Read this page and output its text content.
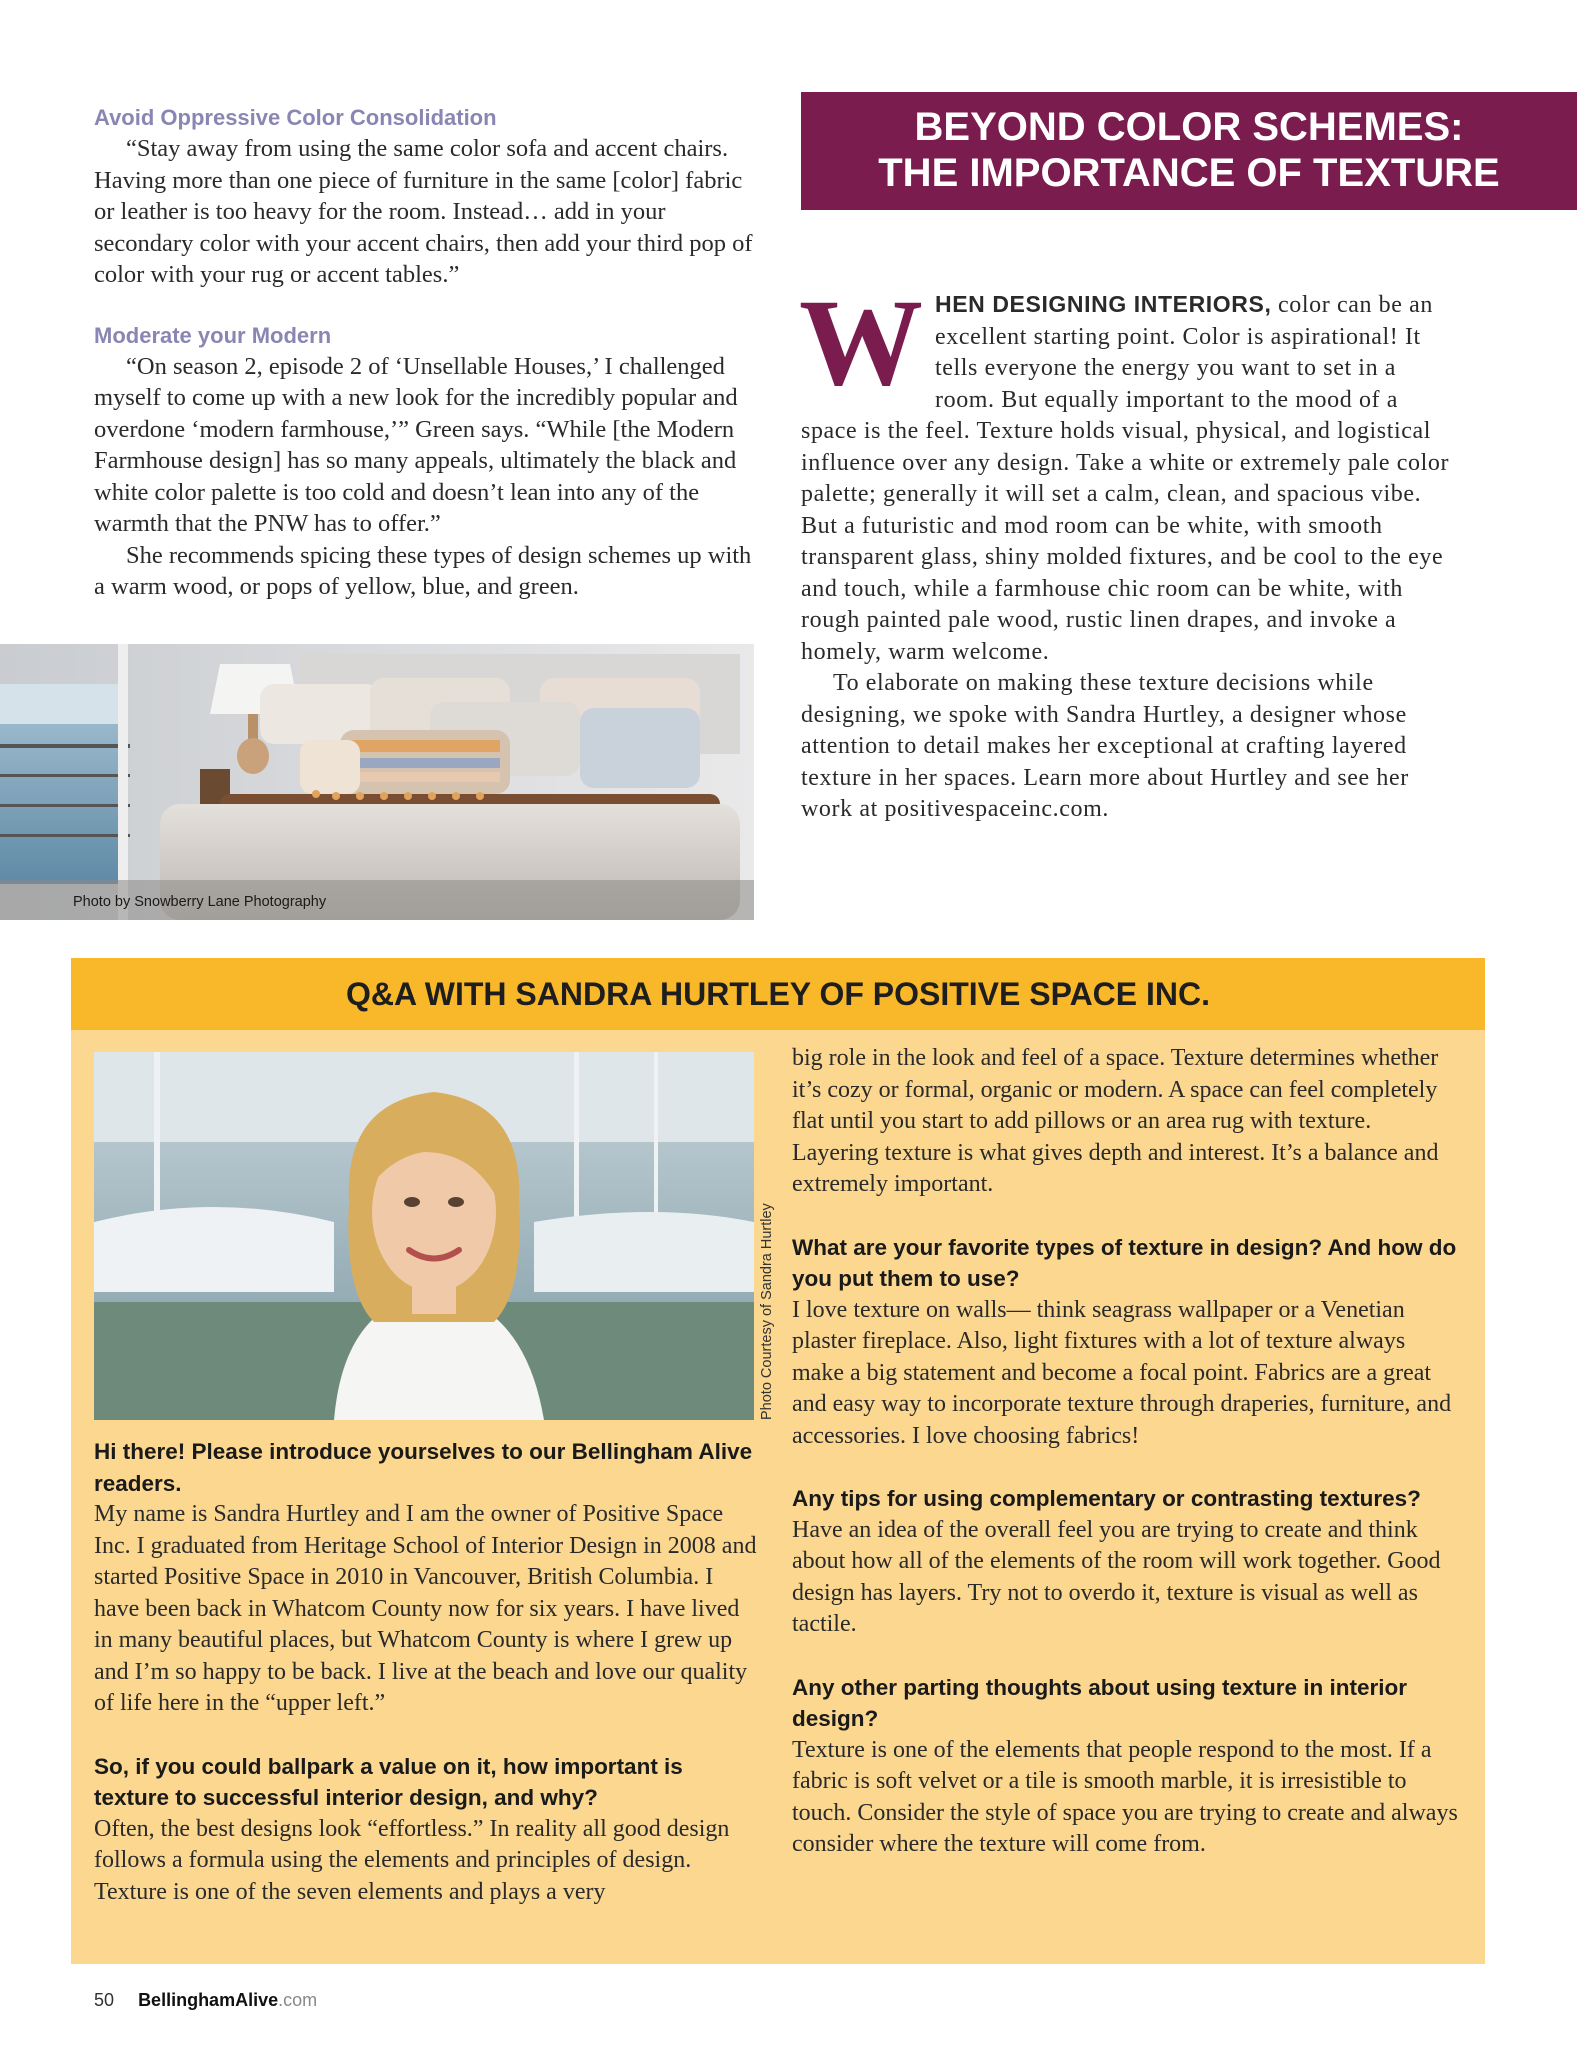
Avoid Oppressive Color Consolidation

“Stay away from using the same color sofa and accent chairs. Having more than one piece of furniture in the same [color] fabric or leather is too heavy for the room. Instead… add in your secondary color with your accent chairs, then add your third pop of color with your rug or accent tables.”

Moderate your Modern

“On season 2, episode 2 of ‘Unsellable Houses,’ I challenged myself to come up with a new look for the incredibly popular and overdone ‘modern farmhouse,’” Green says. “While [the Modern Farmhouse design] has so many appeals, ultimately the black and white color palette is too cold and doesn’t lean into any of the warmth that the PNW has to offer.”

She recommends spicing these types of design schemes up with a warm wood, or pops of yellow, blue, and green.

Photo by Snowberry Lane Photography
BEYOND COLOR SCHEMES:
THE IMPORTANCE OF TEXTURE
W HEN DESIGNING INTERIORS, color can be an excellent starting point. Color is aspirational! It tells everyone the energy you want to set in a room. But equally important to the mood of a space is the feel. Texture holds visual, physical, and logistical influence over any design. Take a white or extremely pale color palette; generally it will set a calm, clean, and spacious vibe. But a futuristic and mod room can be white, with smooth transparent glass, shiny molded fixtures, and be cool to the eye and touch, while a farmhouse chic room can be white, with rough painted pale wood, rustic linen drapes, and invoke a homely, warm welcome.

To elaborate on making these texture decisions while designing, we spoke with Sandra Hurtley, a designer whose attention to detail makes her exceptional at crafting layered texture in her spaces. Learn more about Hurtley and see her work at positivespaceinc.com.

Q&A WITH SANDRA HURTLEY OF POSITIVE SPACE INC.
Photo Courtesy of Sandra Hurtley

Hi there! Please introduce yourselves to our Bellingham Alive readers.

My name is Sandra Hurtley and I am the owner of Positive Space Inc. I graduated from Heritage School of Interior Design in 2008 and started Positive Space in 2010 in Vancouver, British Columbia. I have been back in Whatcom County now for six years. I have lived in many beautiful places, but Whatcom County is where I grew up and I’m so happy to be back. I live at the beach and love our quality of life here in the “upper left.”

So, if you could ballpark a value on it, how important is texture to successful interior design, and why?

Often, the best designs look “effortless.” In reality all good design follows a formula using the elements and principles of design. Texture is one of the seven elements and plays a very

big role in the look and feel of a space. Texture determines whether it’s cozy or formal, organic or modern. A space can feel completely flat until you start to add pillows or an area rug with texture. Layering texture is what gives depth and interest. It’s a balance and extremely important.

What are your favorite types of texture in design? And how do you put them to use?

I love texture on walls— think seagrass wallpaper or a Venetian plaster fireplace. Also, light fixtures with a lot of texture always make a big statement and become a focal point. Fabrics are a great and easy way to incorporate texture through draperies, furniture, and accessories. I love choosing fabrics!

Any tips for using complementary or contrasting textures?

Have an idea of the overall feel you are trying to create and think about how all of the elements of the room will work together. Good design has layers. Try not to overdo it, texture is visual as well as tactile.

Any other parting thoughts about using texture in interior design?

Texture is one of the elements that people respond to the most. If a fabric is soft velvet or a tile is smooth marble, it is irresistible to touch. Consider the style of space you are trying to create and always consider where the texture will come from.

50 BellinghamAlive.com
